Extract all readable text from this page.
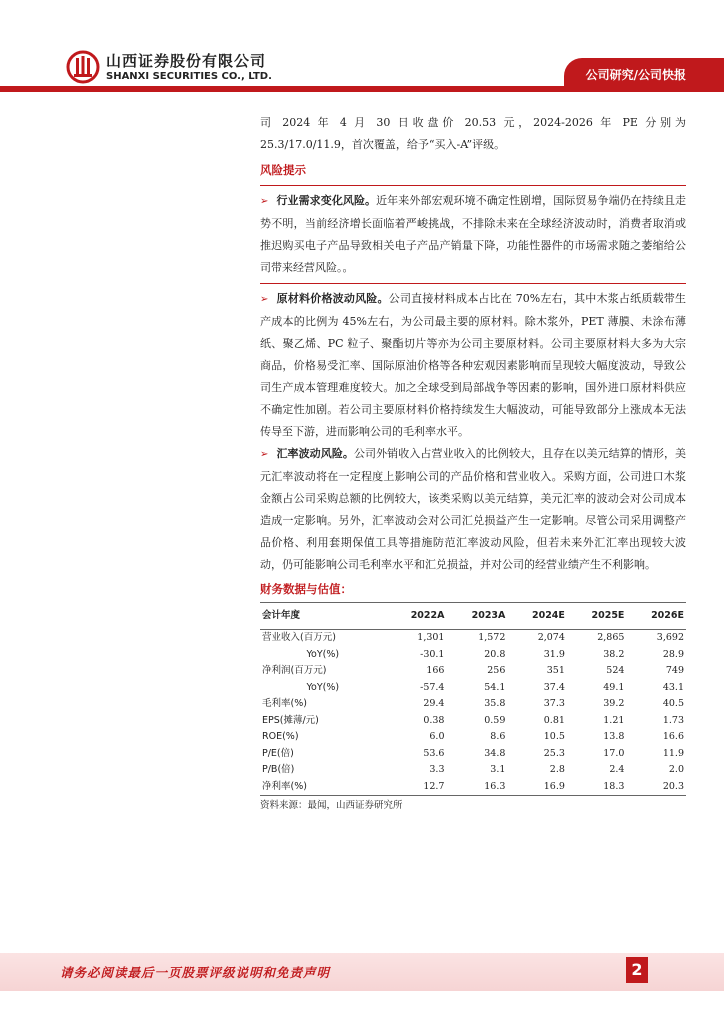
山西证券股份有限公司
SHANXI SECURITIES CO., LTD.	公司研究/公司快报

司 2024 年 4 月 30 日收盘价 20.53 元，2024-2026 年 PE 分别为 25.3/17.0/11.9，首次覆盖，给予“买入-A”评级。

风险提示

➢ 行业需求变化风险。近年来外部宏观环境不确定性剧增，国际贸易争端仍在持续且走势不明，当前经济增长面临着严峻挑战，不排除未来在全球经济波动时，消费者取消或推迟购买电子产品导致相关电子产品产销量下降，功能性器件的市场需求随之萎缩给公司带来经营风险。。

➢ 原材料价格波动风险。公司直接材料成本占比在 70%左右，其中木浆占纸质载带生产成本的比例为 45%左右，为公司最主要的原材料。除木浆外，PET 薄膜、未涂布薄纸、聚乙烯、PC 粒子、聚酯切片等亦为公司主要原材料。公司主要原材料大多为大宗商品，价格易受汇率、国际原油价格等各种宏观因素影响而呈现较大幅度波动，导致公司生产成本管理难度较大。加之全球受到局部战争等因素的影响，国外进口原材料供应不确定性加剧。若公司主要原材料价格持续发生大幅波动，可能导致部分上涨成本无法传导至下游，进而影响公司的毛利率水平。

➢ 汇率波动风险。公司外销收入占营业收入的比例较大，且存在以美元结算的情形，美元汇率波动将在一定程度上影响公司的产品价格和营业收入。采购方面，公司进口木浆金额占公司采购总额的比例较大，该类采购以美元结算，美元汇率的波动会对公司成本造成一定影响。另外，汇率波动会对公司汇兑损益产生一定影响。尽管公司采用调整产品价格、利用套期保值工具等措施防范汇率波动风险，但若未来外汇汇率出现较大波动，仍可能影响公司毛利率水平和汇兑损益，并对公司的经营业绩产生不利影响。

财务数据与估值：
会计年度	2022A	2023A	2024E	2025E	2026E
营业收入(百万元)	1,301	1,572	2,074	2,865	3,692
YoY(%)	-30.1	20.8	31.9	38.2	28.9
净利润(百万元)	166	256	351	524	749
YoY(%)	-57.4	54.1	37.4	49.1	43.1
毛利率(%)	29.4	35.8	37.3	39.2	40.5
EPS(摊薄/元)	0.38	0.59	0.81	1.21	1.73
ROE(%)	6.0	8.6	10.5	13.8	16.6
P/E(倍)	53.6	34.8	25.3	17.0	11.9
P/B(倍)	3.3	3.1	2.8	2.4	2.0
净利率(%)	12.7	16.3	16.9	18.3	20.3
资料来源：最闻，山西证券研究所
请务必阅读最后一页股票评级说明和免责声明	2
